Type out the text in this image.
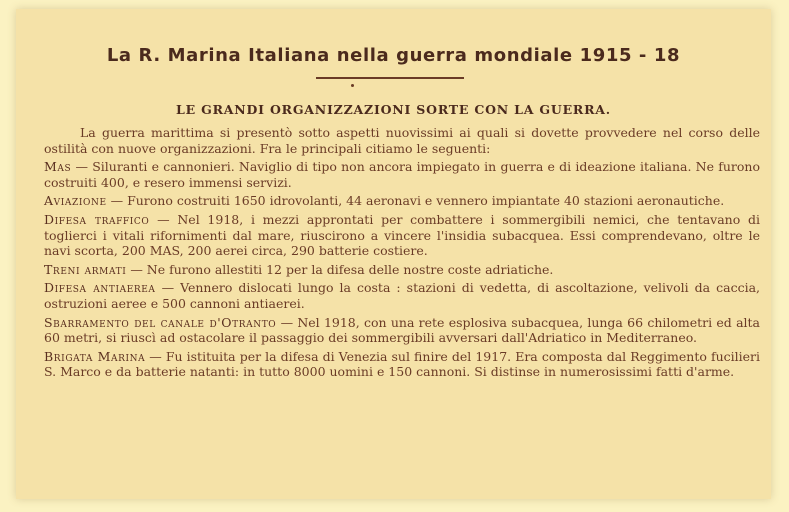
La R. Marina Italiana nella guerra mondiale 1915 - 18
LE GRANDI ORGANIZZAZIONI SORTE CON LA GUERRA.

La guerra marittima si presentò sotto aspetti nuovissimi ai quali si dovette provvedere nel corso delle ostilità con nuove organizzazioni. Fra le principali citiamo le seguenti:

Mas — Siluranti e cannonieri. Naviglio di tipo non ancora impiegato in guerra e di ideazione italiana. Ne furono costruiti 400, e resero immensi servizi.

Aviazione — Furono costruiti 1650 idrovolanti, 44 aeronavi e vennero impiantate 40 stazioni aeronautiche.

Difesa traffico — Nel 1918, i mezzi approntati per combattere i sommergibili nemici, che tentavano di toglierci i vitali rifornimenti dal mare, riuscirono a vincere l'insidia subacquea. Essi comprendevano, oltre le navi scorta, 200 MAS, 200 aerei circa, 290 batterie costiere.

Treni armati — Ne furono allestiti 12 per la difesa delle nostre coste adriatiche.

Difesa antiaerea — Vennero dislocati lungo la costa : stazioni di vedetta, di ascoltazione, velivoli da caccia, ostruzioni aeree e 500 cannoni antiaerei.

Sbarramento del canale d'Otranto — Nel 1918, con una rete esplosiva subacquea, lunga 66 chilometri ed alta 60 metri, si riuscì ad ostacolare il passaggio dei sommergibili avversari dall'Adriatico in Mediterraneo.

Brigata Marina — Fu istituita per la difesa di Venezia sul finire del 1917. Era composta dal Reggimento fucilieri S. Marco e da batterie natanti: in tutto 8000 uomini e 150 cannoni. Si distinse in numerosissimi fatti d'arme.
